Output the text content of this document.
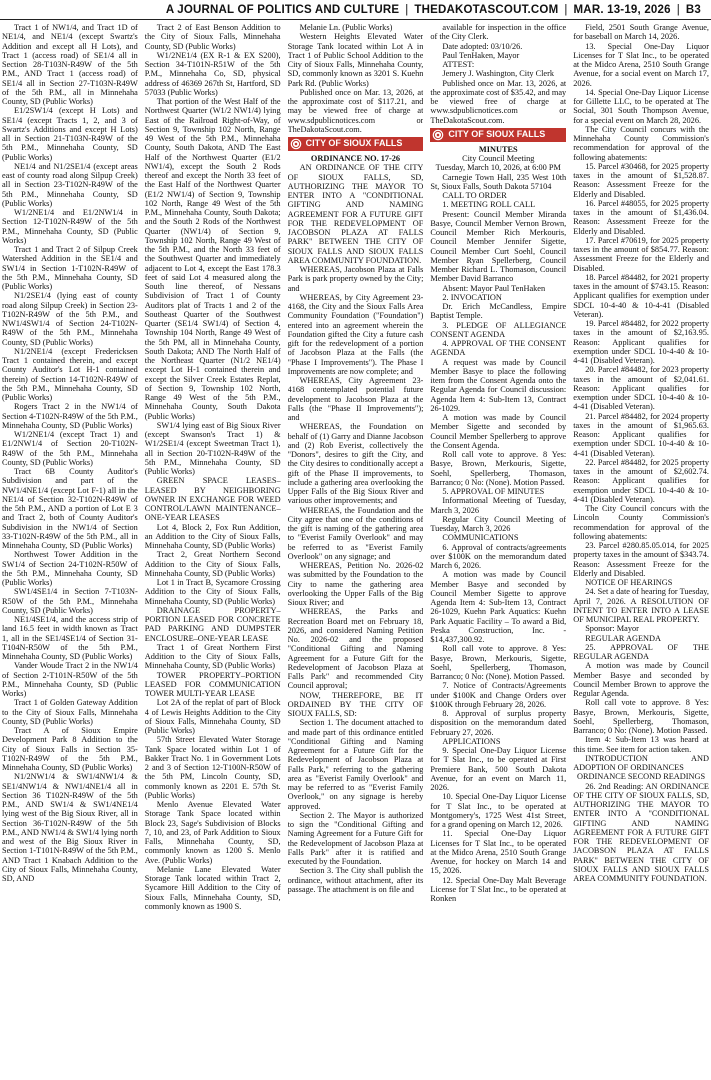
A JOURNAL OF POLITICS AND CULTURE | THEDAKOTASCOUT.COM | MAR. 13-19, 2026 | B3

Tract 1 of NW1/4, and Tract 1D of NE1/4, and NE1/4 (except Swartz's Addition and except all H Lots), and Tract 1 (access road) of SE1/4 all in Section 28-T103N-R49W of the 5th P.M., AND Tract 1 (access road) of SE1/4 all in Section 27-T103N-R49W of the 5th P.M., all in Minnehaha County, SD (Public Works)

E1/2SW1/4 (except H Lots) and SE1/4 (except Tracts 1, 2, and 3 of Swartz's Additions and except H Lots) all in Section 21-T103N-R49W of the 5th P.M., Minnehaha County, SD (Public Works)

NE1/4 and N1/2SE1/4 (except areas east of county road along Silpup Creek) all in Section 23-T102N-R49W of the 5th P.M., Minnehaha County, SD (Public Works)

W1/2NE1/4 and E1/2NW1/4 in Section 12-T102N-R49W of the 5th P.M., Minnehaha County, SD (Public Works)

Tract 1 and Tract 2 of Silpup Creek Watershed Addition in the SE1/4 and SW1/4 in Section 1-T102N-R49W of the 5th P.M., Minnehaha County, SD (Public Works)

N1/2SE1/4 (lying east of county road along Silpup Creek) in Section 23-T102N-R49W of the 5th P.M., and NW1/4SW1/4 of Section 24-T102N-R49W of the 5th P.M., Minnehaha County, SD (Public Works)

N1/2NE1/4 (except Fredericksen Tract 1 contained therein, and except County Auditor's Lot H-1 contained therein) of Section 14-T102N-R49W of the 5th P.M., Minnehaha County, SD (Public Works)

Rogers Tract 2 in the NW1/4 of Section 4-T102N-R49W of the 5th P.M., Minnehaha County, SD (Public Works)

W1/2NE1/4 (except Tract 1) and E1/2NW1/4 of Section 20-T102N-R49W of the 5th P.M., Minnehaha County, SD (Public Works)

Tract 6B County Auditor's Subdivision and part of the NW1/4NE1/4 (except Lot F-1) all in the NE1/4 of Section 32-T102N-R49W of the 5th P.M., AND a portion of Lot E 3 and Tract 2, both of County Auditor's Subdivision in the NW1/4 of Section 33-T102N-R49W of the 5th P.M., all in Minnehaha County, SD (Public Works)

Northwest Tower Addition in the SW1/4 of Section 24-T102N-R50W of the 5th P.M., Minnehaha County, SD (Public Works)

SW1/4SE1/4 in Section 7-T103N-R50W of the 5th P.M., Minnehaha County, SD (Public Works)

NE1/4SE1/4, and the access strip of land 16.5 feet in width known as Tract 1, all in the SE1/4SE1/4 of Section 31-T104N-R50W of the 5th P.M., Minnehaha County, SD (Public Works)

Vander Woude Tract 2 in the NW1/4 of Section 2-T101N-R50W of the 5th P.M., Minnehaha County, SD (Public Works)

Tract 1 of Golden Gateway Addition to the City of Sioux Falls, Minnehaha County, SD (Public Works)

Tract A of Sioux Empire Development Park 8 Addition to the City of Sioux Falls in Section 35-T102N-R49W of the 5th P.M., Minnehaha County, SD (Public Works)

N1/2NW1/4 & SW1/4NW1/4 & SE1/4NW1/4 & NW1/4NE1/4 all in Section 36 T102N-R49W of the 5th P.M., AND SW1/4 & SW1/4NE1/4 lying west of the Big Sioux River, all in Section 36-T102N-R49W of the 5th P.M., AND NW1/4 & SW1/4 lying north and west of the Big Sioux River in Section 1-T101N-R49W of the 5th P.M., AND Tract 1 Knabach Addition to the City of Sioux Falls, Minnehaha County, SD, AND

Tract 2 of East Benson Addition to the City of Sioux Falls, Minnehaha County, SD (Public Works)

W1/2NE1/4 (EX R-1 & EX S200), Section 34-T101N-R51W of the 5th P.M., Minnehaha Co, SD, physical address of 46369 267th St, Hartford, SD 57033 (Public Works)

That portion of the West Half of the Northwest Quarter (W1/2 NW1/4) lying East of the Railroad Right-of-Way, of Section 9, Township 102 North, Range 49 West of the 5th P.M., Minnehaha County, South Dakota, AND The East Half of the Northwest Quarter (E1/2 NW1/4), except the South 2 Rods thereof and except the North 33 feet of the East Half of the Northwest Quarter (E1/2 NW1/4) of Section 9, Township 102 North, Range 49 West of the 5th P.M., Minnehaha County, South Dakota; and the South 2 Rods of the Northwest Quarter (NW1/4) of Section 9, Township 102 North, Range 49 West of the 5th P.M., and the North 33 feet of the Southwest Quarter and immediately adjacent to Lot 4, except the East 178.3 feet of said Lot 4 measured along the South line thereof, of Nessans Subdivision of Tract 1 of County Auditors plat of Tracts 1 and 2 of the Southeast Quarter of the Southwest Quarter (SE1/4 SW1/4) of Section 4, Township 104 North, Range 49 West of the 5th PM, all in Minnehaha County, South Dakota; AND The North Half of the Northeast Quarter (N1/2 NE1/4) except Lot H-1 contained therein and except the Silver Creek Estates Replat, of Section 9, Township 102 North, Range 49 West of the 5th P.M., Minnehaha County, South Dakota (Public Works)

SW1/4 lying east of Big Sioux River (except Swanson's Tract 1) & W1/2SE1/4 (except Sweetman Tract 1), all in Section 20-T102N-R49W of the 5th P.M., Minnehaha County, SD (Public Works)

GREEN SPACE LEASES– LEASED BY NEIGHBORING OWNER IN EXCHANGE FOR WEED CONTROL/LAWN MAINTENANCE–ONE-YEAR LEASES

Lot 4, Block 2, Fox Run Addition, an Addition to the City of Sioux Falls, Minnehaha County, SD (Public Works)

Tract 2, Great Northern Second Addition to the City of Sioux Falls, Minnehaha County, SD (Public Works)

Lot 1 in Tract B, Sycamore Crossing Addition to the City of Sioux Falls, Minnehaha County, SD (Public Works)

DRAINAGE PROPERTY– PORTION LEASED FOR CONCRETE PAD PARKING AND DUMPSTER ENCLOSURE–ONE-YEAR LEASE

Tract 1 of Great Northern First Addition to the City of Sioux Falls, Minnehaha County, SD (Public Works)

TOWER PROPERTY–PORTION LEASED FOR COMMUNICATION TOWER MULTI-YEAR LEASE

Lot 2A of the replat of part of Block 4 of Lewis Heights Addition to the City of Sioux Falls, Minnehaha County, SD (Public Works)

57th Street Elevated Water Storage Tank Space located within Lot 1 of Bakker Tract No. 1 in Government Lots 2 and 3 of Section 12-T100N-R50W of the 5th PM, Lincoln County, SD, commonly known as 2201 E. 57th St. (Public Works)

Menlo Avenue Elevated Water Storage Tank Space located within Block 23, Sage's Subdivision of Blocks 7, 10, and 23, of Park Addition to Sioux Falls, Minnehaha County, SD, commonly known as 1200 S. Menlo Ave. (Public Works)

Melanie Lane Elevated Water Storage Tank located within Tract 2, Sycamore Hill Addition to the City of Sioux Falls, Minnehaha County, SD, commonly known as 1900 S.

Melanie Ln. (Public Works)

Western Heights Elevated Water Storage Tank located within Lot A in Tract 1 of Public School Addition to the City of Sioux Falls, Minnehaha County, SD, commonly known as 3201 S. Kuehn Park Rd. (Public Works)

Published once on Mar. 13, 2026, at the approximate cost of $117.21, and may be viewed free of charge at www.sdpublicnotices.com or TheDakotaScout.com.

CITY OF SIOUX FALLS

ORDINANCE NO. 17-26

AN ORDINANCE OF THE CITY OF SIOUX FALLS, SD, AUTHORIZING THE MAYOR TO ENTER INTO A "CONDITIONAL GIFTING AND NAMING AGREEMENT FOR A FUTURE GIFT FOR THE REDEVELOPMENT OF JACOBSON PLAZA AT FALLS PARK" BETWEEN THE CITY OF SIOUX FALLS AND SIOUX FALLS AREA COMMUNITY FOUNDATION.

WHEREAS, Jacobson Plaza at Falls Park is park property owned by the City; and

WHEREAS, by City Agreement 23-4168, the City and the Sioux Falls Area Community Foundation ("Foundation") entered into an agreement wherein the Foundation gifted the City a future cash gift for the redevelopment of a portion of Jacobson Plaza at the Falls (the "Phase I Improvements"). The Phase I Improvements are now complete; and

WHEREAS, City Agreement 23-4168 contemplated potential future development to Jacobson Plaza at the Falls (the "Phase II Improvements"); and

WHEREAS, the Foundation on behalf of (1) Garry and Dianne Jacobson and (2) Rob Everist, collectively the "Donors", desires to gift the City, and the City desires to conditionally accept a gift of the Phase II improvements, to include a gathering area overlooking the Upper Falls of the Big Sioux River and various other improvements; and

WHEREAS, the Foundation and the City agree that one of the conditions of the gift is naming of the gathering area to "Everist Family Overlook" and may be referred to as "Everist Family Overlook" on any signage; and

WHEREAS, Petition No. 2026-02 was submitted by the Foundation to the City to name the gathering area overlooking the Upper Falls of the Big Sioux River; and

WHEREAS, the Parks and Recreation Board met on February 18, 2026, and considered Naming Petition No. 2026-02 and the proposed "Conditional Gifting and Naming Agreement for a Future Gift for the Redevelopment of Jacobson Plaza at Falls Park" and recommended City Council approval;

NOW, THEREFORE, BE IT ORDAINED BY THE CITY OF SIOUX FALLS, SD:

Section 1. The document attached to and made part of this ordinance entitled "Conditional Gifting and Naming Agreement for a Future Gift for the Redevelopment of Jacobson Plaza at Falls Park," referring to the gathering area as "Everist Family Overlook" and may be referred to as "Everist Family Overlook," on any signage is hereby approved.

Section 2. The Mayor is authorized to sign the "Conditional Gifting and Naming Agreement for a Future Gift for the Redevelopment of Jacobson Plaza at Falls Park" after it is ratified and executed by the Foundation.

Section 3. The City shall publish the ordinance, without attachment, after its passage. The attachment is on file and

available for inspection in the office of the City Clerk.

Date adopted: 03/10/26.

Paul TenHaken, Mayor

ATTEST:

Jemery J. Washington, City Clerk

Published once on Mar. 13, 2026, at the approximate cost of $35.42, and may be viewed free of charge at www.sdpublicnotices.com or TheDakotaScout.com.

CITY OF SIOUX FALLS

MINUTES

City Council Meeting

Tuesday, March 10, 2026, at 6:00 PM

Carnegie Town Hall, 235 West 10th St, Sioux Falls, South Dakota 57104

CALL TO ORDER

1. MEETING ROLL CALL

Present: Council Member Miranda Basye, Council Member Vernon Brown, Council Member Rich Merkouris, Council Member Jennifer Sigette, Council Member Curt Soehl, Council Member Ryan Spellerberg, Council Member Richard L. Thomason, Council Member David Barranco

Absent: Mayor Paul TenHaken

2. INVOCATION

Dr. Erich McCandless, Empire Baptist Temple.

3. PLEDGE OF ALLEGIANCE CONSENT AGENDA

4. APPROVAL OF THE CONSENT AGENDA

A request was made by Council Member Basye to place the following item from the Consent Agenda onto the Regular Agenda for Council discussion: Agenda Item 4: Sub-Item 13, Contract 26-1029.

A motion was made by Council Member Sigette and seconded by Council Member Spellerberg to approve the Consent Agenda.

Roll call vote to approve. 8 Yes: Basye, Brown, Merkouris, Sigette, Soehl, Spellerberg, Thomason, Barranco; 0 No: (None). Motion Passed.

5. APPROVAL OF MINUTES

Informational Meeting of Tuesday, March 3, 2026

Regular City Council Meeting of Tuesday, March 3, 2026

COMMUNICATIONS

6. Approval of contracts/agreements over $100K on the memorandum dated March 6, 2026.

A motion was made by Council Member Basye and seconded by Council Member Sigette to approve Agenda Item 4: Sub-Item 13, Contract 26-1029, Kuehn Park Aquatics: Kuehn Park Aquatic Facility – To award a Bid, Peska Construction, Inc. - $14,437,300.92.

Roll call vote to approve. 8 Yes: Basye, Brown, Merkouris, Sigette, Soehl, Spellerberg, Thomason, Barranco; 0 No: (None). Motion Passed.

7. Notice of Contracts/Agreements under $100K and Change Orders over $100K through February 28, 2026.

8. Approval of surplus property disposition on the memorandum dated February 27, 2026.

APPLICATIONS

9. Special One-Day Liquor License for T Slat Inc., to be operated at First Premiere Bank, 500 South Dakota Avenue, for an event on March 11, 2026.

10. Special One-Day Liquor License for T Slat Inc., to be operated at Montgomery's, 1725 West 41st Street, for a grand opening on March 12, 2026.

11. Special One-Day Liquor Licenses for T Slat Inc., to be operated at the Midco Arena, 2510 South Grange Avenue, for hockey on March 14 and 15, 2026.

12. Special One-Day Malt Beverage License for T Slat Inc., to be operated at Ronken

Field, 2501 South Grange Avenue, for baseball on March 14, 2026.

13. Special One-Day Liquor Licenses for T Slat Inc., to be operated at the Midco Arena, 2510 South Grange Avenue, for a social event on March 17, 2026.

14. Special One-Day Liquor License for Gillette LLC, to be operated at The Social, 301 South Thompson Avenue, for a special event on March 28, 2026.

The City Council concurs with the Minnehaha County Commission's recommendation for approval of the following abatements:

15. Parcel #30468, for 2025 property taxes in the amount of $1,528.87. Reason: Assessment Freeze for the Elderly and Disabled.

16. Parcel #48055, for 2025 property taxes in the amount of $1,436.04. Reason: Assessment Freeze for the Elderly and Disabled.

17. Parcel #70619, for 2025 property taxes in the amount of $854.77. Reason: Assessment Freeze for the Elderly and Disabled.

18. Parcel #84482, for 2021 property taxes in the amount of $743.15. Reason: Applicant qualifies for exemption under SDCL 10-4-40 & 10-4-41 (Disabled Veteran).

19. Parcel #84482, for 2022 property taxes in the amount of $2,163.95. Reason: Applicant qualifies for exemption under SDCL 10-4-40 & 10-4-41 (Disabled Veteran).

20. Parcel #84482, for 2023 property taxes in the amount of $2,041.61. Reason: Applicant qualifies for exemption under SDCL 10-4-40 & 10-4-41 (Disabled Veteran).

21. Parcel #84482, for 2024 property taxes in the amount of $1,965.63. Reason: Applicant qualifies for exemption under SDCL 10-4-40 & 10-4-41 (Disabled Veteran).

22. Parcel #84482, for 2025 property taxes in the amount of $2,602.74. Reason: Applicant qualifies for exemption under SDCL 10-4-40 & 10-4-41 (Disabled Veteran).

The City Council concurs with the Lincoln County Commission's recommendation for approval of the following abatements:

23. Parcel #280.85.05.014, for 2025 property taxes in the amount of $343.74. Reason: Assessment Freeze for the Elderly and Disabled.

NOTICE OF HEARINGS

24. Set a date of hearing for Tuesday, April 7, 2026. A RESOLUTION OF INTENT TO ENTER INTO A LEASE OF MUNICIPAL REAL PROPERTY.

Sponsor: Mayor

REGULAR AGENDA

25. APPROVAL OF THE REGULAR AGENDA

A motion was made by Council Member Basye and seconded by Council Member Brown to approve the Regular Agenda.

Roll call vote to approve. 8 Yes: Basye, Brown, Merkouris, Sigette, Soehl, Spellerberg, Thomason, Barranco; 0 No: (None). Motion Passed.

Item 4: Sub-Item 13 was heard at this time. See item for action taken.

INTRODUCTION AND ADOPTION OF ORDINANCES

ORDINANCE SECOND READINGS

26. 2nd Reading: AN ORDINANCE OF THE CITY OF SIOUX FALLS, SD, AUTHORIZING THE MAYOR TO ENTER INTO A "CONDITIONAL GIFTING AND NAMING AGREEMENT FOR A FUTURE GIFT FOR THE REDEVELOPMENT OF JACOBSON PLAZA AT FALLS PARK" BETWEEN THE CITY OF SIOUX FALLS AND SIOUX FALLS AREA COMMUNITY FOUNDATION.
